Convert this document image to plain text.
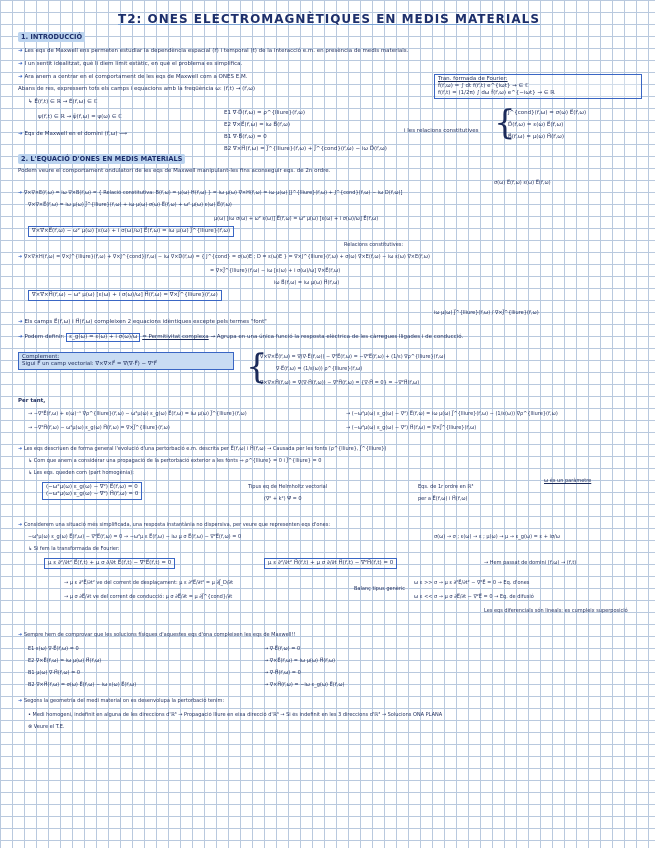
T2: ONES ELECTROMAGNÈTIQUES EN MEDIS MATERIALS
1. INTRODUCCIÓ
➜ Les eqs de Maxwell ens permeten estudiar la dependència espacial (r⃗) i temporal (t) de la interacció e.m. en presència de medis materials.
➜ I un sentit idealitzat, què li diem límit estàtic, en què el problema es simplifica.
➜ Ara anem a centrar en el comportament de les eqs de Maxwell com a ONES E.M.
Abans de res, expressem tots els camps i equacions amb la freqüència ω: (r⃗,t) → (r⃗,ω)
↳ E⃗(r⃗,t) ∈ ℝ → Ẽ(r⃗,ω) ∈ ℂ
ψ(r⃗,t) ∈ ℝ → ψ̃(r⃗,ω) = ψ(ω) ∈ ℂ
➜ Eqs de Maxwell en el domini (r⃗,ω) ⟶
Tran. formada de Fourier:
f̃(r⃗,ω) = ∫ dt f(r⃗,t) e^{iωt} → ∈ ℂ
f(r⃗,t) = (1/2π) ∫ dω f̃(r⃗,ω) e^{−iωt} → ∈ ℝ
E1 ∇⃗·D⃗(r⃗,ω) = ρ^{lliure}(r⃗,ω)
E2 ∇⃗×E⃗(r⃗,ω) = iω B⃗(r⃗,ω)
B1 ∇⃗·B⃗(r⃗,ω) = 0
B2 ∇⃗×H⃗(r⃗,ω) = J⃗^{lliure}(r⃗,ω) + J⃗^{cond}(r⃗,ω) − iω D⃗(r⃗,ω)
i les relacions constitutives {
J⃗^{cond}(r⃗,ω) = σ(ω) E⃗(r⃗,ω)
D⃗(r⃗,ω) = ε(ω) E⃗(r⃗,ω)
B⃗(r⃗,ω) = μ(ω) H⃗(r⃗,ω)
2. L'EQUACIÓ D'ONES EN MEDIS MATERIALS
Podem veure el comportament ondulatori de les eqs de Maxwell manipulant-les fins aconseguir eqs. de 2n ordre.
σ(ω) E⃗(r⃗,ω) ε(ω) E⃗(r⃗,ω)
➜ ∇⃗×∇⃗×E⃗(r⃗,ω) = iω ∇⃗×B⃗(r⃗,ω) = { Relació constitutiva: B⃗(r⃗,ω) = μ(ω) H⃗(r⃗,ω) } = iω μ(ω) ∇⃗×H⃗(r⃗,ω) = iω μ(ω) [J⃗^{lliure}(r⃗,ω) + J⃗^{cond}(r⃗,ω) − iω D⃗(r⃗,ω)]
∇⃗×∇⃗×E⃗(r⃗,ω) = iω μ(ω) J⃗^{lliure}(r⃗,ω) + iω μ(ω) σ(ω) E⃗(r⃗,ω) + ω² μ(ω) ε(ω) E⃗(r⃗,ω)
μ(ω) [iω σ(ω) + ω² ε(ω)] E⃗(r⃗,ω) = ω² μ(ω) [ε(ω) + i σ(ω)/ω] E⃗(r⃗,ω)
∇⃗×∇⃗×E⃗(r⃗,ω) − ω² μ(ω) [ε(ω) + i σ(ω)/ω] E⃗(r⃗,ω) = iω μ(ω) J⃗^{lliure}(r⃗,ω)
Relacions constitutives:
➜ ∇⃗×∇⃗×H⃗(r⃗,ω) = ∇⃗×J⃗^{lliure}(r⃗,ω) + ∇⃗×J⃗^{cond}(r⃗,ω) − iω ∇⃗×D⃗(r⃗,ω) = { J⃗^{cond} = σ(ω)E⃗ ; D⃗ = ε(ω)E⃗ } = ∇⃗×J⃗^{lliure}(r⃗,ω) + σ(ω) ∇⃗×E⃗(r⃗,ω) − iω ε(ω) ∇⃗×E⃗(r⃗,ω)
= ∇⃗×J⃗^{lliure}(r⃗,ω) − iω [ε(ω) + i σ(ω)/ω] ∇⃗×E⃗(r⃗,ω)
iω B⃗(r⃗,ω) = iω μ(ω) H⃗(r⃗,ω)
∇⃗×∇⃗×H⃗(r⃗,ω) − ω² μ(ω) [ε(ω) + i σ(ω)/ω] H⃗(r⃗,ω) = ∇⃗×J⃗^{lliure}(r⃗,ω)
➜ Els camps E⃗(r⃗,ω) i H⃗(r⃗,ω) compleixen 2 equacions idèntiques excepte pels termes "font"
iω μ(ω) J⃗^{lliure}(r⃗,ω) / ∇⃗×J⃗^{lliure}(r⃗,ω)
➜ Podem definir: ε_g(ω) = ε(ω) + i σ(ω)/ω = Permitivitat complexa → Agrupa en una única funció la resposta elèctrica de les càrregues lligades i de conducció.
Complement:
Sigui F⃗ un camp vectorial: ∇⃗×∇⃗×F⃗ = ∇⃗(∇⃗·F⃗) − ∇⃗²F⃗	{
∇⃗×∇⃗×E⃗(r⃗,ω) = ∇⃗(∇⃗·E⃗(r⃗,ω)) − ∇⃗²E⃗(r⃗,ω) = −∇⃗²E⃗(r⃗,ω) + (1/ε) ∇⃗ρ^{lliure}(r⃗,ω)
∇⃗·E⃗(r⃗,ω) = (1/ε(ω)) ρ^{lliure}(r⃗,ω)
∇⃗×∇⃗×H⃗(r⃗,ω) = ∇⃗(∇⃗·H⃗(r⃗,ω)) − ∇⃗²H⃗(r⃗,ω) = {∇⃗·H⃗ = 0} = −∇⃗²H⃗(r⃗,ω)
Per tant,
→ −∇⃗²E⃗(r⃗,ω) + ε(ω)⁻¹ ∇⃗ρ^{lliure}(r⃗,ω) − ω²μ(ω) ε_g(ω) E⃗(r⃗,ω) = iω μ(ω) J⃗^{lliure}(r⃗,ω)	→ (−ω²μ(ω) ε_g(ω) − ∇⃗²) E⃗(r⃗,ω) = iω μ(ω) J⃗^{lliure}(r⃗,ω) − (1/ε(ω)) ∇⃗ρ^{lliure}(r⃗,ω)
→ −∇⃗²H⃗(r⃗,ω) − ω²μ(ω) ε_g(ω) H⃗(r⃗,ω) = ∇⃗×J⃗^{lliure}(r⃗,ω)	→ (−ω²μ(ω) ε_g(ω) − ∇⃗²) H⃗(r⃗,ω) = ∇⃗×J⃗^{lliure}(r⃗,ω)
➜ Les eqs descriuen de forma general l'evolució d'una pertorbació e.m. descrita per E⃗(r⃗,ω) i H⃗(r⃗,ω) → Causada per les fonts (ρ^{lliure}, J⃗^{lliure})
↳ Com que anem a considerar una propagació de la pertorbació exterior a les fonts ⇒ ρ^{lliure} = 0 i J⃗^{lliure} = 0
↳ Les eqs. queden com (part homogènia):
(−ω²μ(ω) ε_g(ω) − ∇⃗²) E⃗(r⃗,ω) = 0
(−ω²μ(ω) ε_g(ω) − ∇⃗²) H⃗(r⃗,ω) = 0
Tipus eq de Helmholtz vectorial
(∇⃗² + k²) Ψ⃗ = 0
Eqs. de 1r ordre en ℝ³
per a E⃗(r⃗,ω) i H⃗(r⃗,ω)
ω és un paràmetre
➜ Considerem una situació més simplificada, una resposta instantània no dispersiva, per veure que representen eqs d'ones:
−ω²μ(ω) ε_g(ω) E⃗(r⃗,ω) − ∇⃗²E⃗(r⃗,ω) = 0 → −ω²μ ε E⃗(r⃗,ω) − iω μ σ E⃗(r⃗,ω) − ∇⃗²E⃗(r⃗,ω) = 0	σ(ω) → σ ; ε(ω) → ε ; μ(ω) → μ → ε_g(ω) = ε + iσ/ω
↳ Si fem la transformada de Fourier:
μ ε ∂²/∂t² E⃗(r⃗,t) + μ σ ∂/∂t E⃗(r⃗,t) − ∇⃗²E⃗(r⃗,t) = 0	μ ε ∂²/∂t² H⃗(r⃗,t) + μ σ ∂/∂t H⃗(r⃗,t) − ∇⃗²H⃗(r⃗,t) = 0	→ Hem passat de domini (r⃗,ω) → (r⃗,t)
→ μ ε ∂²E⃗/∂t² ve del corrent de desplaçament: μ ε ∂²E⃗/∂t² = μ ∂J⃗_D/∂t
→ μ σ ∂E⃗/∂t ve del corrent de conducció: μ σ ∂E⃗/∂t = μ ∂J⃗^{cond}/∂t
Balanç tipus genèric
ω ε >> σ → μ ε ∂²E⃗/∂t² − ∇⃗²E⃗ = 0 → Eq. d'ones
ω ε << σ → μ σ ∂E⃗/∂t − ∇⃗²E⃗ = 0 → Eq. de difusió
Les eqs diferencials són lineals: es cumpleix superposició
➜ Sempre hem de comprovar que les solucions físiques d'aquestes eqs d'ona compleixen les eqs de Maxwell!!
E1 ε(ω) ∇⃗·E⃗(r⃗,ω) = 0
E2 ∇⃗×E⃗(r⃗,ω) = iω μ(ω) H⃗(r⃗,ω)
B1 μ(ω) ∇⃗·H⃗(r⃗,ω) = 0
B2 ∇⃗×H⃗(r⃗,ω) = σ(ω) E⃗(r⃗,ω) − iω ε(ω) E⃗(r⃗,ω)
→ ∇⃗·E⃗(r⃗,ω) = 0
→ ∇⃗×E⃗(r⃗,ω) = iω μ(ω) H⃗(r⃗,ω)
→ ∇⃗·H⃗(r⃗,ω) = 0
→ ∇⃗×H⃗(r⃗,ω) = −iω ε_g(ω) E⃗(r⃗,ω)
➜ Segons la geometria del medi material on es desenvolupa la pertorbació tenim:
• Medi homogeni, indefinit en alguna de les direccions d'ℝ³ → Propagació lliure en eixa direcció d'ℝ³ → Si és indefinit en les 3 direccions d'ℝ³ → Solucions ONA PLANA
⊗ Veure el T.E.
